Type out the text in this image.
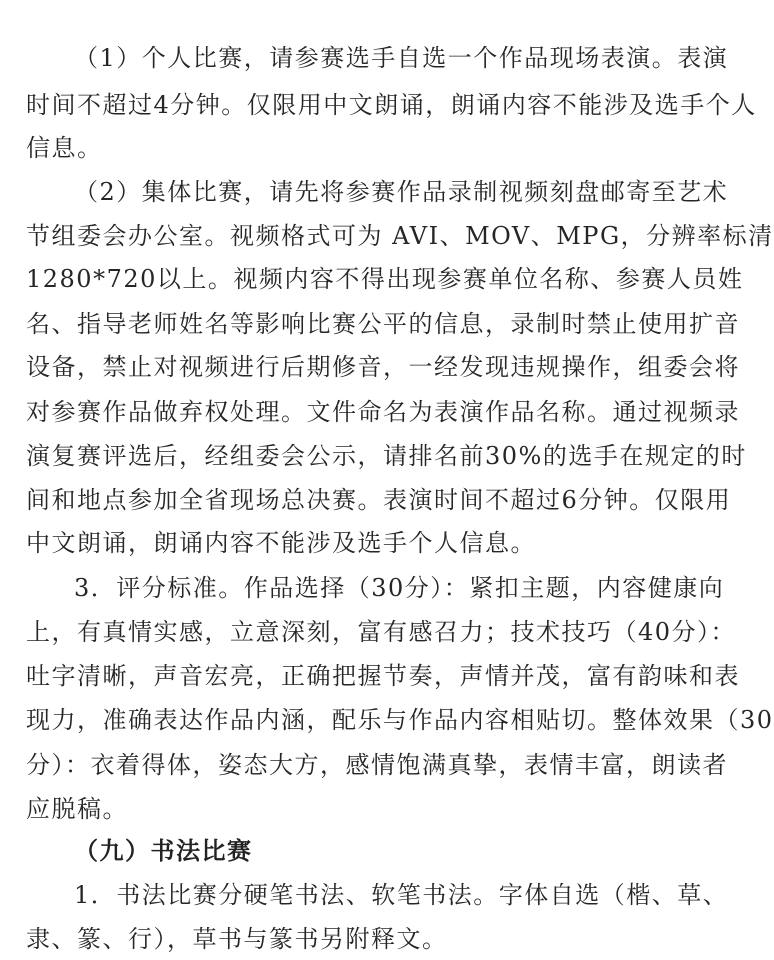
（1）个人比赛，请参赛选手自选一个作品现场表演。表演
时间不超过4分钟。仅限用中文朗诵，朗诵内容不能涉及选手个人
信息。
（2）集体比赛，请先将参赛作品录制视频刻盘邮寄至艺术
节组委会办公室。视频格式可为 AVI、MOV、MPG，分辨率标清
1280*720以上。视频内容不得出现参赛单位名称、参赛人员姓
名、指导老师姓名等影响比赛公平的信息，录制时禁止使用扩音
设备，禁止对视频进行后期修音，一经发现违规操作，组委会将
对参赛作品做弃权处理。文件命名为表演作品名称。通过视频录
演复赛评选后，经组委会公示，请排名前30%的选手在规定的时
间和地点参加全省现场总决赛。表演时间不超过6分钟。仅限用
中文朗诵，朗诵内容不能涉及选手个人信息。
3．评分标准。作品选择（30分）：紧扣主题，内容健康向
上，有真情实感，立意深刻，富有感召力；技术技巧（40分）：
吐字清晰，声音宏亮，正确把握节奏，声情并茂，富有韵味和表
现力，准确表达作品内涵，配乐与作品内容相贴切。整体效果（30
分）：衣着得体，姿态大方，感情饱满真挚，表情丰富，朗读者
应脱稿。
（九）书法比赛
1．书法比赛分硬笔书法、软笔书法。字体自选（楷、草、
隶、篆、行），草书与篆书另附释文。
